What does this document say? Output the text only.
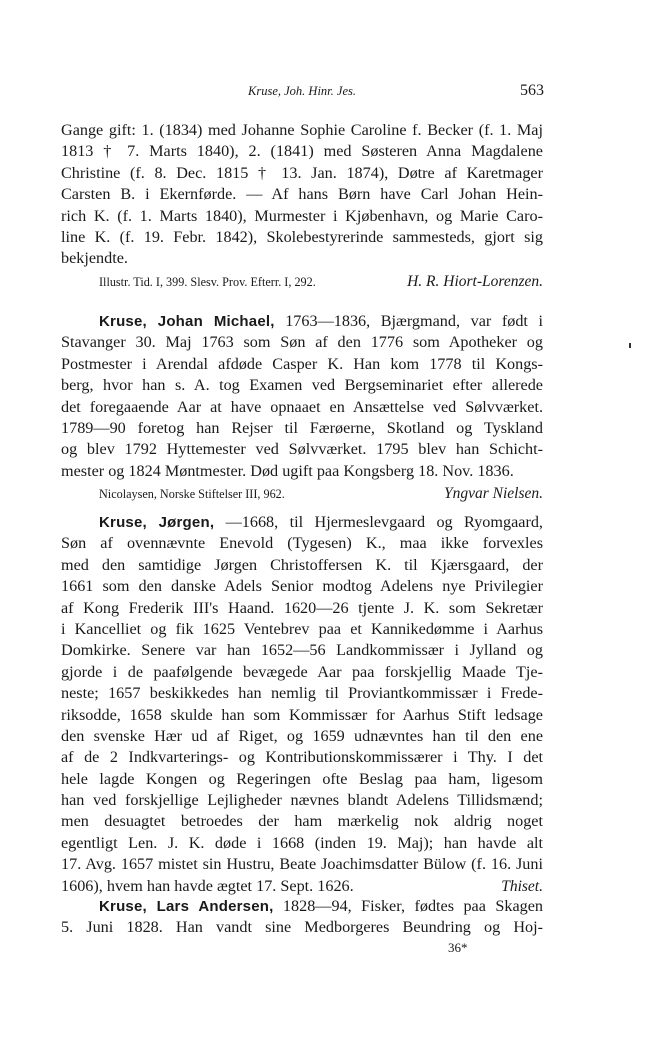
Kruse, Joh. Hinr. Jes.	563
Gange gift: 1. (1834) med Johanne Sophie Caroline f. Becker (f. 1. Maj
1813 † 7. Marts 1840), 2. (1841) med Søsteren Anna Magdalene
Christine (f. 8. Dec. 1815 † 13. Jan. 1874), Døtre af Karetmager
Carsten B. i Ekernførde. — Af hans Børn have Carl Johan Hein-
rich K. (f. 1. Marts 1840), Murmester i Kjøbenhavn, og Marie Caro-
line K. (f. 19. Febr. 1842), Skolebestyrerinde sammesteds, gjort sig
bekjendte.
Illustr. Tid. I, 399. Slesv. Prov. Efterr. I, 292.	H. R. Hiort-Lorenzen.
Kruse, Johan Michael, 1763—1836, Bjærgmand, var født i
Stavanger 30. Maj 1763 som Søn af den 1776 som Apotheker og
Postmester i Arendal afdøde Casper K. Han kom 1778 til Kongs-
berg, hvor han s. A. tog Examen ved Bergseminariet efter allerede
det foregaaende Aar at have opnaaet en Ansættelse ved Sølvværket.
1789—90 foretog han Rejser til Færøerne, Skotland og Tyskland
og blev 1792 Hyttemester ved Sølvværket. 1795 blev han Schicht-
mester og 1824 Møntmester. Død ugift paa Kongsberg 18. Nov. 1836.
Nicolaysen, Norske Stiftelser III, 962.	Yngvar Nielsen.
Kruse, Jørgen, —1668, til Hjermeslevgaard og Ryomgaard,
Søn af ovennævnte Enevold (Tygesen) K., maa ikke forvexles
med den samtidige Jørgen Christoffersen K. til Kjærsgaard, der
1661 som den danske Adels Senior modtog Adelens nye Privilegier
af Kong Frederik III's Haand. 1620—26 tjente J. K. som Sekretær
i Kancelliet og fik 1625 Ventebrev paa et Kannikedømme i Aarhus
Domkirke. Senere var han 1652—56 Landkommissær i Jylland og
gjorde i de paafølgende bevægede Aar paa forskjellig Maade Tje-
neste; 1657 beskikkedes han nemlig til Proviantkommissær i Frede-
riksodde, 1658 skulde han som Kommissær for Aarhus Stift ledsage
den svenske Hær ud af Riget, og 1659 udnævntes han til den ene
af de 2 Indkvarterings- og Kontributionskommissærer i Thy. I det
hele lagde Kongen og Regeringen ofte Beslag paa ham, ligesom
han ved forskjellige Lejligheder nævnes blandt Adelens Tillidsmænd;
men desuagtet betroedes der ham mærkelig nok aldrig noget
egentligt Len. J. K. døde i 1668 (inden 19. Maj); han havde alt
17. Avg. 1657 mistet sin Hustru, Beate Joachimsdatter Bülow (f. 16. Juni
1606), hvem han havde ægtet 17. Sept. 1626.	Thiset.
Kruse, Lars Andersen, 1828—94, Fisker, fødtes paa Skagen
5. Juni 1828. Han vandt sine Medborgeres Beundring og Hoj-
36*
